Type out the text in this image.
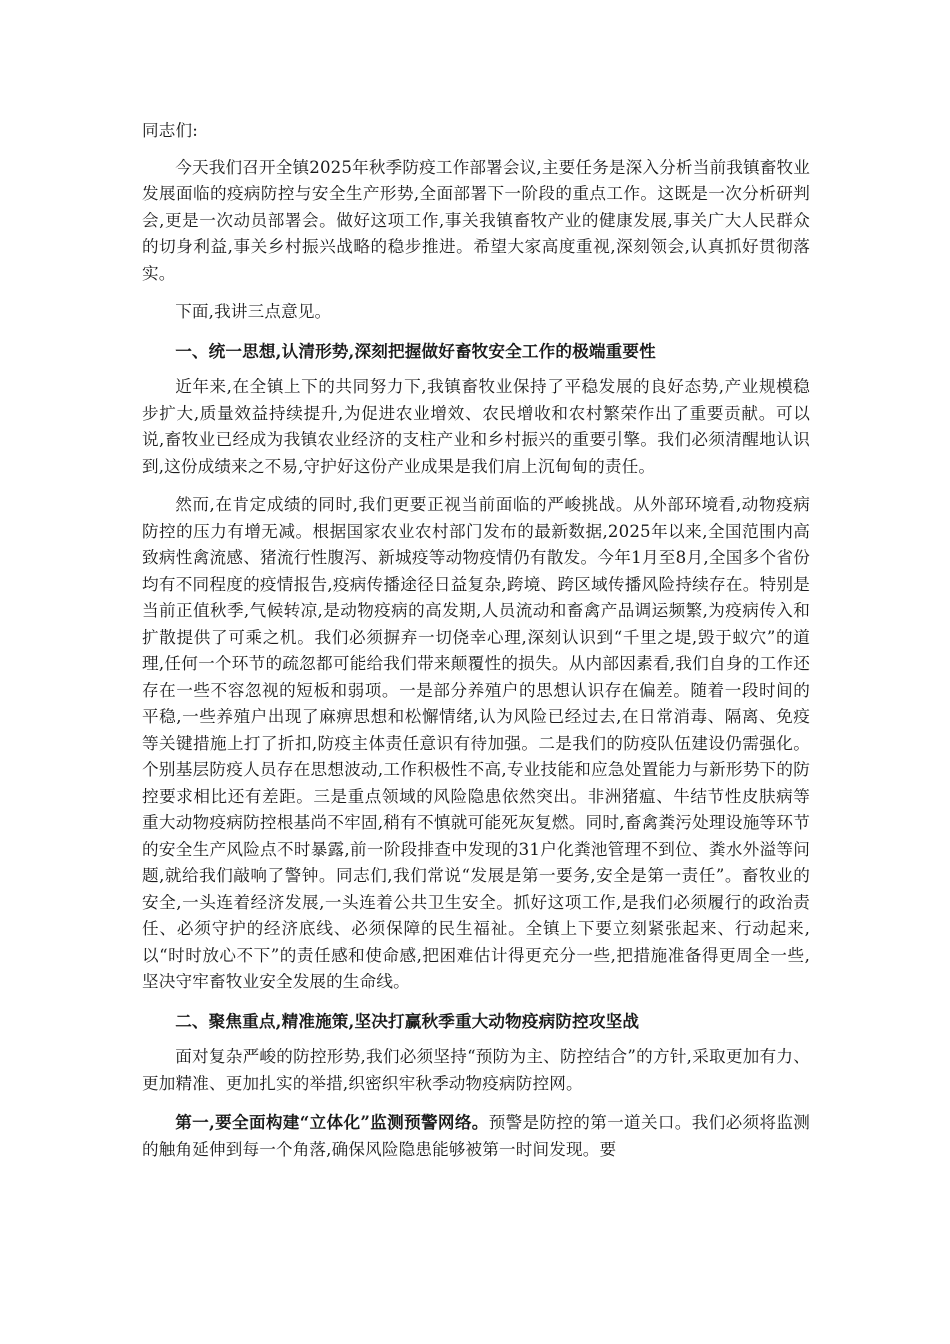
同志们:

今天我们召开全镇2025年秋季防疫工作部署会议,主要任务是深入分析当前我镇畜牧业发展面临的疫病防控与安全生产形势,全面部署下一阶段的重点工作。这既是一次分析研判会,更是一次动员部署会。做好这项工作,事关我镇畜牧产业的健康发展,事关广大人民群众的切身利益,事关乡村振兴战略的稳步推进。希望大家高度重视,深刻领会,认真抓好贯彻落实。

下面,我讲三点意见。

一、统一思想,认清形势,深刻把握做好畜牧安全工作的极端重要性

近年来,在全镇上下的共同努力下,我镇畜牧业保持了平稳发展的良好态势,产业规模稳步扩大,质量效益持续提升,为促进农业增效、农民增收和农村繁荣作出了重要贡献。可以说,畜牧业已经成为我镇农业经济的支柱产业和乡村振兴的重要引擎。我们必须清醒地认识到,这份成绩来之不易,守护好这份产业成果是我们肩上沉甸甸的责任。

然而,在肯定成绩的同时,我们更要正视当前面临的严峻挑战。从外部环境看,动物疫病防控的压力有增无减。根据国家农业农村部门发布的最新数据,2025年以来,全国范围内高致病性禽流感、猪流行性腹泻、新城疫等动物疫情仍有散发。今年1月至8月,全国多个省份均有不同程度的疫情报告,疫病传播途径日益复杂,跨境、跨区域传播风险持续存在。特别是当前正值秋季,气候转凉,是动物疫病的高发期,人员流动和畜禽产品调运频繁,为疫病传入和扩散提供了可乘之机。我们必须摒弃一切侥幸心理,深刻认识到“千里之堤,毁于蚁穴”的道理,任何一个环节的疏忽都可能给我们带来颠覆性的损失。从内部因素看,我们自身的工作还存在一些不容忽视的短板和弱项。一是部分养殖户的思想认识存在偏差。随着一段时间的平稳,一些养殖户出现了麻痹思想和松懈情绪,认为风险已经过去,在日常消毒、隔离、免疫等关键措施上打了折扣,防疫主体责任意识有待加强。二是我们的防疫队伍建设仍需强化。个别基层防疫人员存在思想波动,工作积极性不高,专业技能和应急处置能力与新形势下的防控要求相比还有差距。三是重点领域的风险隐患依然突出。非洲猪瘟、牛结节性皮肤病等重大动物疫病防控根基尚不牢固,稍有不慎就可能死灰复燃。同时,畜禽粪污处理设施等环节的安全生产风险点不时暴露,前一阶段排查中发现的31户化粪池管理不到位、粪水外溢等问题,就给我们敲响了警钟。同志们,我们常说“发展是第一要务,安全是第一责任”。畜牧业的安全,一头连着经济发展,一头连着公共卫生安全。抓好这项工作,是我们必须履行的政治责任、必须守护的经济底线、必须保障的民生福祉。全镇上下要立刻紧张起来、行动起来,以“时时放心不下”的责任感和使命感,把困难估计得更充分一些,把措施准备得更周全一些,坚决守牢畜牧业安全发展的生命线。

二、聚焦重点,精准施策,坚决打赢秋季重大动物疫病防控攻坚战

面对复杂严峻的防控形势,我们必须坚持“预防为主、防控结合”的方针,采取更加有力、更加精准、更加扎实的举措,织密织牢秋季动物疫病防控网。

第一,要全面构建“立体化”监测预警网络。预警是防控的第一道关口。我们必须将监测的触角延伸到每一个角落,确保风险隐患能够被第一时间发现。要
